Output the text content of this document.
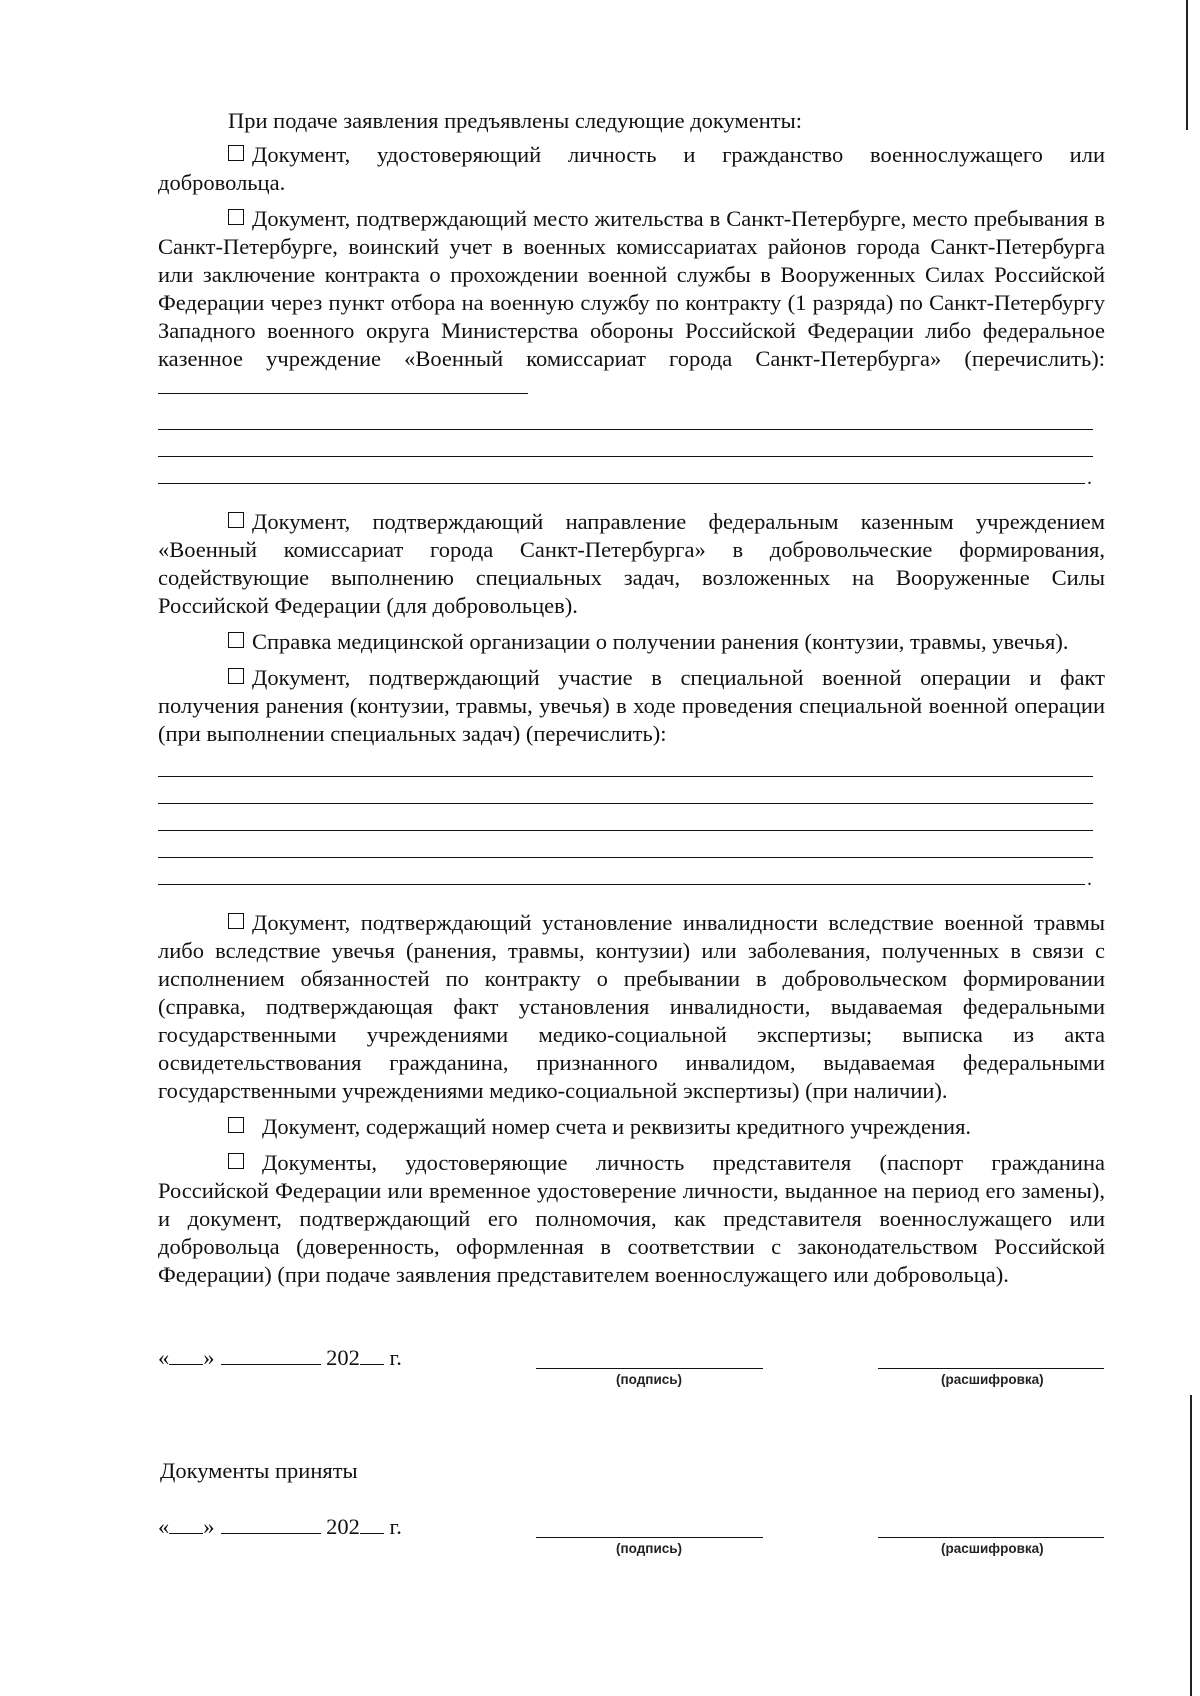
При подаче заявления предъявлены следующие документы:

Документ, удостоверяющий личность и гражданство военнослужащего или добровольца.

Документ, подтверждающий место жительства в Санкт-Петербурге, место пребывания в Санкт-Петербурге, воинский учет в военных комиссариатах районов города Санкт-Петербурга или заключение контракта о прохождении военной службы в Вооруженных Силах Российской Федерации через пункт отбора на военную службу по контракту (1 разряда) по Санкт-Петербургу Западного военного округа Министерства обороны Российской Федерации либо федеральное казенное учреждение «Военный комиссариат города Санкт-Петербурга» (перечислить):

.

Документ, подтверждающий направление федеральным казенным учреждением «Военный комиссариат города Санкт-Петербурга» в добровольческие формирования, содействующие выполнению специальных задач, возложенных на Вооруженные Силы Российской Федерации (для добровольцев).

Справка медицинской организации о получении ранения (контузии, травмы, увечья).

Документ, подтверждающий участие в специальной военной операции и факт получения ранения (контузии, травмы, увечья) в ходе проведения специальной военной операции (при выполнении специальных задач) (перечислить):

.

Документ, подтверждающий установление инвалидности вследствие военной травмы либо вследствие увечья (ранения, травмы, контузии) или заболевания, полученных в связи с исполнением обязанностей по контракту о пребывании в добровольческом формировании (справка, подтверждающая факт установления инвалидности, выдаваемая федеральными государственными учреждениями медико-социальной экспертизы; выписка из акта освидетельствования гражданина, признанного инвалидом, выдаваемая федеральными государственными учреждениями медико-социальной экспертизы) (при наличии).

Документ, содержащий номер счета и реквизиты кредитного учреждения.

Документы, удостоверяющие личность представителя (паспорт гражданина Российской Федерации или временное удостоверение личности, выданное на период его замены), и документ, подтверждающий его полномочия, как представителя военнослужащего или добровольца (доверенность, оформленная в соответствии с законодательством Российской Федерации) (при подаче заявления представителем военнослужащего или добровольца).

« »	202 г.
(подпись)	(расшифровка)
Документы приняты
« »	202 г.
(подпись)	(расшифровка)
